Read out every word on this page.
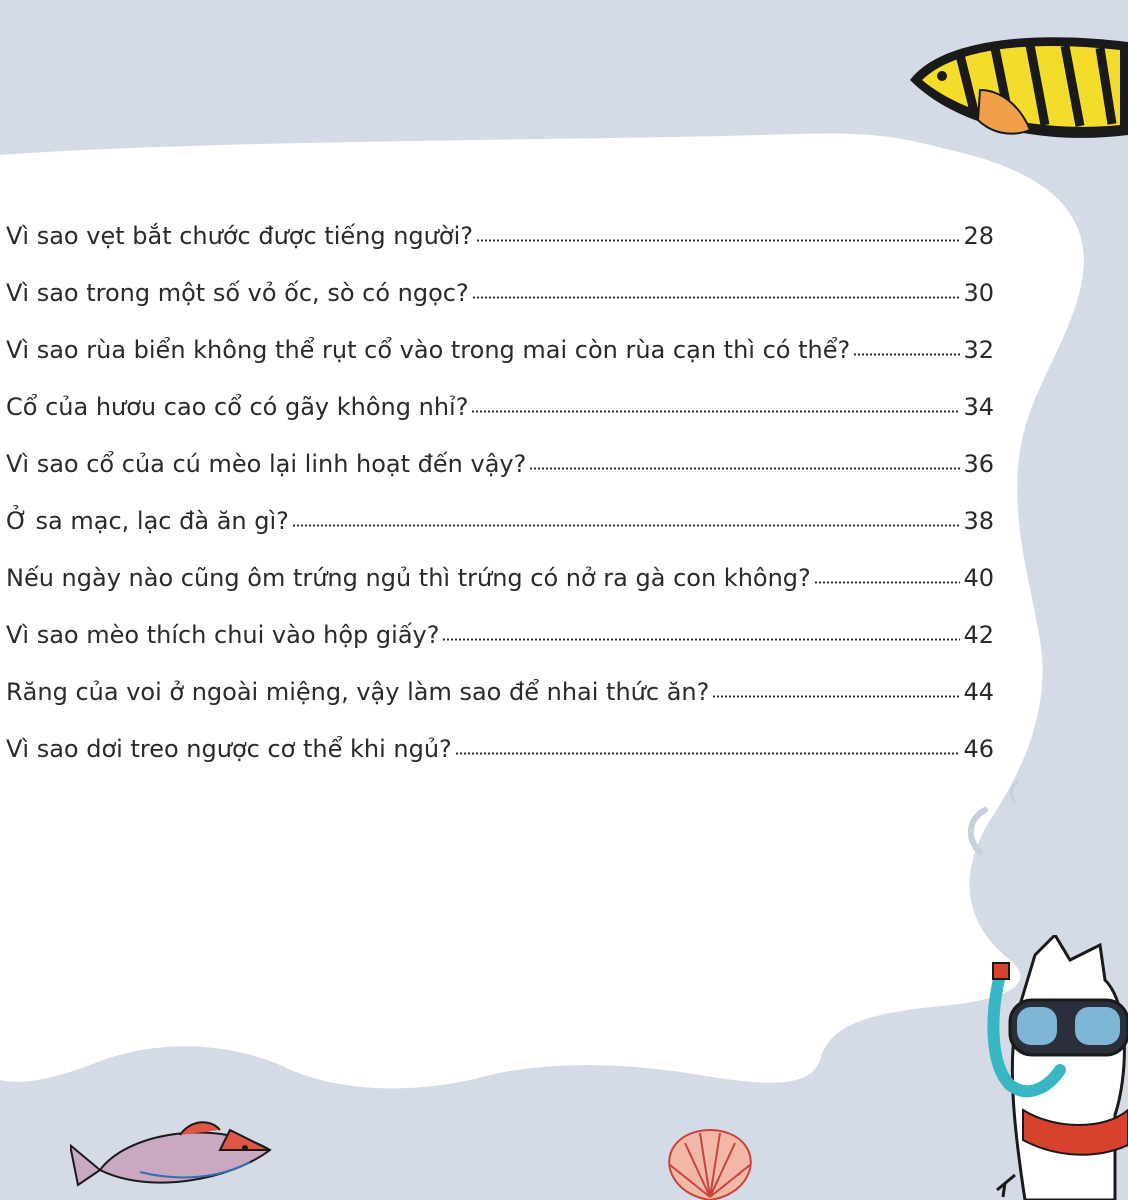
Vì sao vẹt bắt chước được tiếng người?	28
Vì sao trong một số vỏ ốc, sò có ngọc?	30
Vì sao rùa biển không thể rụt cổ vào trong mai còn rùa cạn thì có thể?	32
Cổ của hươu cao cổ có gãy không nhỉ?	34
Vì sao cổ của cú mèo lại linh hoạt đến vậy?	36
Ở sa mạc, lạc đà ăn gì?	38
Nếu ngày nào cũng ôm trứng ngủ thì trứng có nở ra gà con không?	40
Vì sao mèo thích chui vào hộp giấy?	42
Răng của voi ở ngoài miệng, vậy làm sao để nhai thức ăn?	44
Vì sao dơi treo ngược cơ thể khi ngủ?	46
